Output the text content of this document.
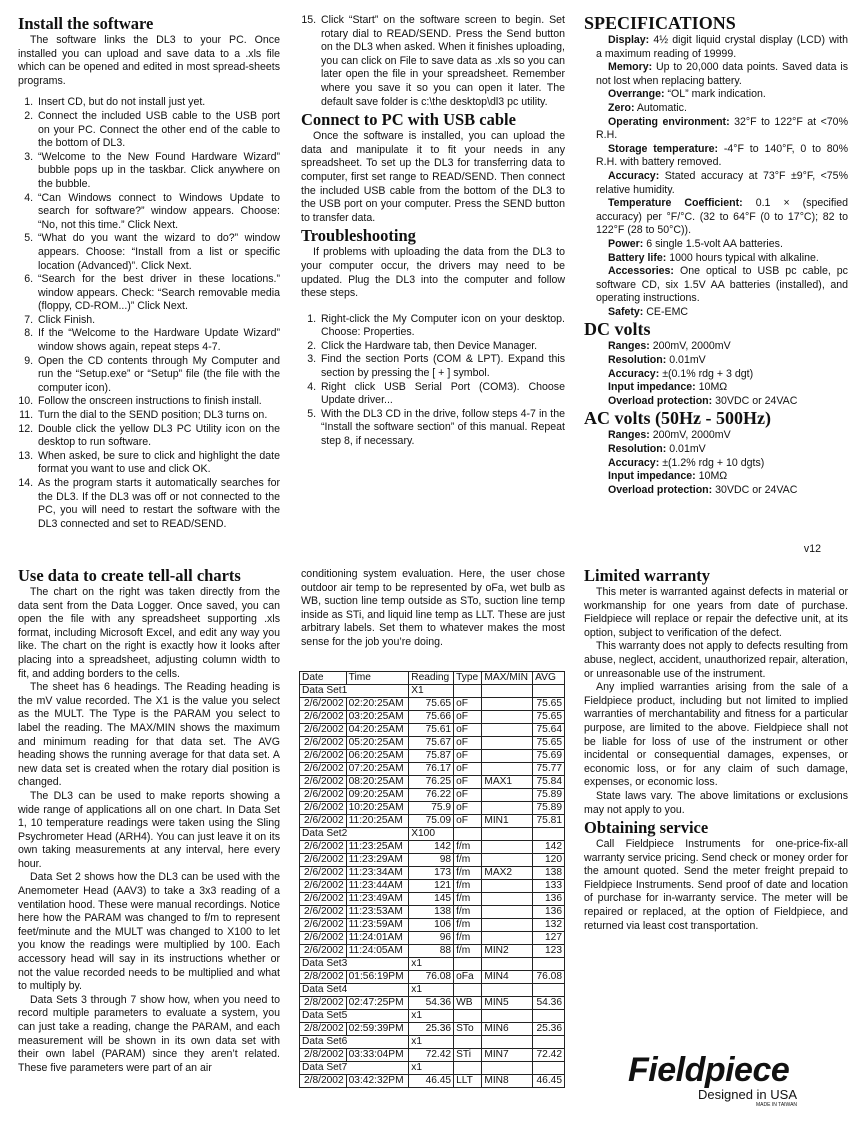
Install the software

The software links the DL3 to your PC. Once installed you can upload and save data to a .xls file which can be opened and edited in most spread-sheets programs.

1. Insert CD, but do not install just yet.
2. Connect the included USB cable to the USB port on your PC. Connect the other end of the cable to the bottom of DL3.
3. “Welcome to the New Found Hardware Wizard” bubble pops up in the taskbar. Click anywhere on the bubble.
4. “Can Windows connect to Windows Update to search for software?” window appears. Choose: “No, not this time.” Click Next.
5. “What do you want the wizard to do?” window appears. Choose: “Install from a list or specific location (Advanced)”. Click Next.
6. “Search for the best driver in these locations.” window appears. Check: “Search removable media (floppy, CD-ROM...)” Click Next.
7. Click Finish.
8. If the “Welcome to the Hardware Update Wizard” window shows again, repeat steps 4-7.
9. Open the CD contents through My Computer and run the “Setup.exe” or “Setup” file (the file with the computer icon).
10. Follow the onscreen instructions to finish install.
11. Turn the dial to the SEND position; DL3 turns on.
12. Double click the yellow DL3 PC Utility icon on the desktop to run software.
13. When asked, be sure to click and highlight the date format you want to use and click OK.
14. As the program starts it automatically searches for the DL3. If the DL3 was off or not connected to the PC, you will need to restart the software with the DL3 connected and set to READ/SEND.
15. Click “Start” on the software screen to begin. Set rotary dial to READ/SEND. Press the Send button on the DL3 when asked. When it finishes uploading, you can click on File to save data as .xls so you can later open the file in your spreadsheet. Remember where you save it so you can open it later. The default save folder is c:\the desktop\dl3 pc utility.
Connect to PC with USB cable

Once the software is installed, you can upload the data and manipulate it to fit your needs in any spreadsheet. To set up the DL3 for transferring data to computer, first set range to READ/SEND. Then connect the included USB cable from the bottom of the DL3 to the USB port on your computer. Press the SEND button to transfer data.

Troubleshooting

If problems with uploading the data from the DL3 to your computer occur, the drivers may need to be updated. Plug the DL3 into the computer and follow these steps.

1. Right-click the My Computer icon on your desktop. Choose: Properties.
2. Click the Hardware tab, then Device Manager.
3. Find the section Ports (COM & LPT). Expand this section by pressing the [ + ] symbol.
4. Right click USB Serial Port (COM3). Choose Update driver...
5. With the DL3 CD in the drive, follow steps 4-7 in the “Install the software section” of this manual. Repeat step 8, if necessary.
SPECIFICATIONS

Display: 4½ digit liquid crystal display (LCD) with a maximum reading of 19999.

Memory: Up to 20,000 data points. Saved data is not lost when replacing battery.

Overrange: “OL” mark indication.

Zero: Automatic.

Operating environment: 32°F to 122°F at <70% R.H.

Storage temperature: -4°F to 140°F, 0 to 80% R.H. with battery removed.

Accuracy: Stated accuracy at 73°F ±9°F, <75% relative humidity.

Temperature Coefficient: 0.1 × (specified accuracy) per °F/°C. (32 to 64°F (0 to 17°C); 82 to 122°F (28 to 50°C)).

Power: 6 single 1.5-volt AA batteries.

Battery life: 1000 hours typical with alkaline.

Accessories: One optical to USB pc cable, pc software CD, six 1.5V AA batteries (installed), and operating instructions.

Safety: CE-EMC

DC volts

Ranges: 200mV, 2000mV

Resolution: 0.01mV

Accuracy: ±(0.1% rdg + 3 dgt)

Input impedance: 10MΩ

Overload protection: 30VDC or 24VAC

AC volts (50Hz - 500Hz)

Ranges: 200mV, 2000mV

Resolution: 0.01mV

Accuracy: ±(1.2% rdg + 10 dgts)

Input impedance: 10MΩ

Overload protection: 30VDC or 24VAC

v12
Use data to create tell-all charts

The chart on the right was taken directly from the data sent from the Data Logger. Once saved, you can open the file with any spreadsheet supporting .xls format, including Microsoft Excel, and edit any way you like. The chart on the right is exactly how it looks after placing into a spreadsheet, adjusting column width to fit, and adding borders to the cells.

The sheet has 6 headings. The Reading heading is the mV value recorded. The X1 is the value you select as the MULT. The Type is the PARAM you select to label the reading. The MAX/MIN shows the maximum and minimum reading for that data set. The AVG heading shows the running average for that data set. A new data set is created when the rotary dial position is changed.

The DL3 can be used to make reports showing a wide range of applications all on one chart. In Data Set 1, 10 temperature readings were taken using the Sling Psychrometer Head (ARH4). You can just leave it on its own taking measurements at any interval, here every hour.

Data Set 2 shows how the DL3 can be used with the Anemometer Head (AAV3) to take a 3x3 reading of a ventilation hood. These were manual recordings. Notice here how the PARAM was changed to f/m to represent feet/minute and the MULT was changed to X100 to let you know the readings were multiplied by 100. Each accessory head will say in its instructions whether or not the value recorded needs to be multiplied and what to multiply by.

Data Sets 3 through 7 show how, when you need to record multiple parameters to evaluate a system, you can just take a reading, change the PARAM, and each measurement will be shown in its own data set with their own label (PARAM) since they aren’t related. These five parameters were part of an air

conditioning system evaluation. Here, the user chose outdoor air temp to be represented by oFa, wet bulb as WB, suction line temp outside as STo, suction line temp inside as STi, and liquid line temp as LLT. These are just arbitrary labels. Set them to whatever makes the most sense for the job you’re doing.

Date	Time	Reading	Type	MAX/MIN	AVG
Data Set1		X1			
2/6/2002	02:20:25AM	75.65	oF		75.65
2/6/2002	03:20:25AM	75.66	oF		75.65
2/6/2002	04:20:25AM	75.61	oF		75.64
2/6/2002	05:20:25AM	75.67	oF		75.65
2/6/2002	06:20:25AM	75.87	oF		75.69
2/6/2002	07:20:25AM	76.17	oF		75.77
2/6/2002	08:20:25AM	76.25	oF	MAX1	75.84
2/6/2002	09:20:25AM	76.22	oF		75.89
2/6/2002	10:20:25AM	75.9	oF		75.89
2/6/2002	11:20:25AM	75.09	oF	MIN1	75.81
Data Set2		X100			
2/6/2002	11:23:25AM	142	f/m		142
2/6/2002	11:23:29AM	98	f/m		120
2/6/2002	11:23:34AM	173	f/m	MAX2	138
2/6/2002	11:23:44AM	121	f/m		133
2/6/2002	11:23:49AM	145	f/m		136
2/6/2002	11:23:53AM	138	f/m		136
2/6/2002	11:23:59AM	106	f/m		132
2/6/2002	11:24:01AM	96	f/m		127
2/6/2002	11:24:05AM	88	f/m	MIN2	123
Data Set3		x1			
2/8/2002	01:56:19PM	76.08	oFa	MIN4	76.08
Data Set4		x1			
2/8/2002	02:47:25PM	54.36	WB	MIN5	54.36
Data Set5		x1			
2/8/2002	02:59:39PM	25.36	STo	MIN6	25.36
Data Set6		x1			
2/8/2002	03:33:04PM	72.42	STi	MIN7	72.42
Data Set7		x1			
2/8/2002	03:42:32PM	46.45	LLT	MIN8	46.45
Limited warranty

This meter is warranted against defects in material or workmanship for one years from date of purchase. Fieldpiece will replace or repair the defective unit, at its option, subject to verification of the defect.

This warranty does not apply to defects resulting from abuse, neglect, accident, unauthorized repair, alteration, or unreasonable use of the instrument.

Any implied warranties arising from the sale of a Fieldpiece product, including but not limited to implied warranties of merchantability and fitness for a particular purpose, are limited to the above. Fieldpiece shall not be liable for loss of use of the instrument or other incidental or consequential damages, expenses, or economic loss, or for any claim of such damage, expenses, or economic loss.

State laws vary. The above limitations or exclusions may not apply to you.

Obtaining service

Call Fieldpiece Instruments for one-price-fix-all warranty service pricing. Send check or money order for the amount quoted. Send the meter freight prepaid to Fieldpiece Instruments. Send proof of date and location of purchase for in-warranty service. The meter will be repaired or replaced, at the option of Fieldpiece, and returned via least cost transportation.

Fieldpiece
Designed in USA
MADE IN TAIWAN
